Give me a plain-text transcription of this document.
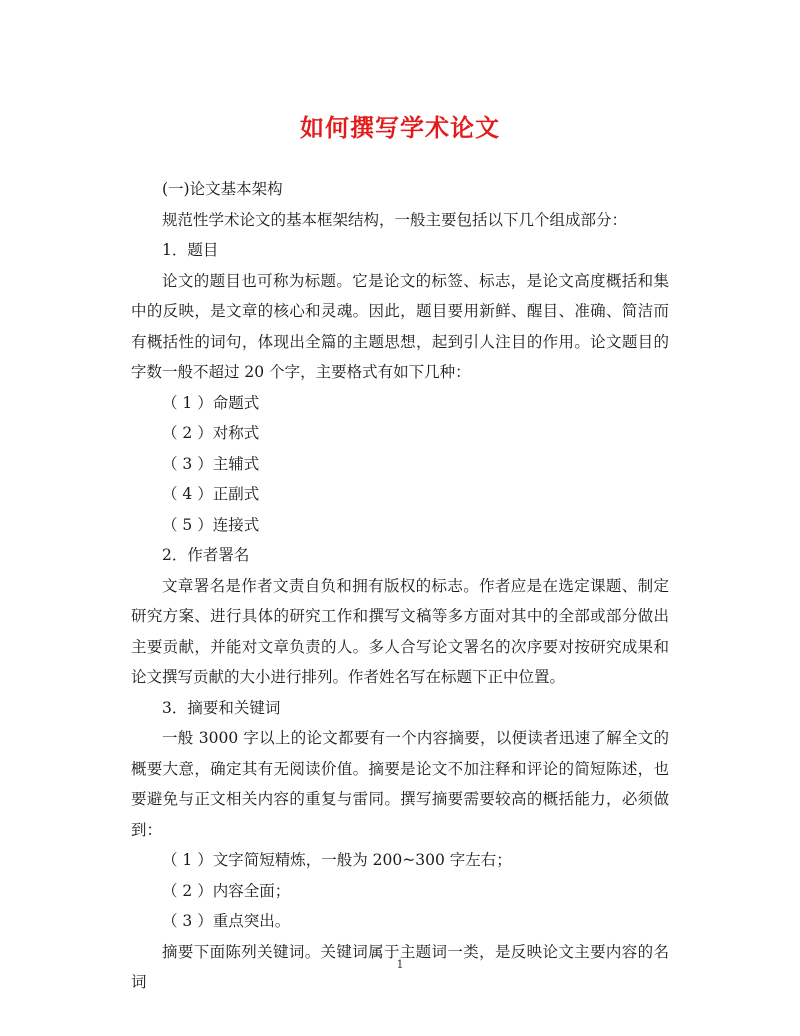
如何撰写学术论文

(一)论文基本架构

规范性学术论文的基本框架结构，一般主要包括以下几个组成部分：

1．题目

论文的题目也可称为标题。它是论文的标签、标志，是论文高度概括和集中的反映，是文章的核心和灵魂。因此，题目要用新鲜、醒目、准确、简洁而有概括性的词句，体现出全篇的主题思想，起到引人注目的作用。论文题目的字数一般不超过 20 个字，主要格式有如下几种：

（ 1 ）命题式

（ 2 ）对称式

（ 3 ）主辅式

（ 4 ）正副式

（ 5 ）连接式

2．作者署名

文章署名是作者文责自负和拥有版权的标志。作者应是在选定课题、制定研究方案、进行具体的研究工作和撰写文稿等多方面对其中的全部或部分做出主要贡献，并能对文章负责的人。多人合写论文署名的次序要对按研究成果和论文撰写贡献的大小进行排列。作者姓名写在标题下正中位置。

3．摘要和关键词

一般 3000 字以上的论文都要有一个内容摘要，以便读者迅速了解全文的概要大意，确定其有无阅读价值。摘要是论文不加注释和评论的简短陈述，也要避免与正文相关内容的重复与雷同。撰写摘要需要较高的概括能力，必须做到：

（ 1 ）文字简短精炼，一般为 200~300 字左右；

（ 2 ）内容全面；

（ 3 ）重点突出。

摘要下面陈列关键词。关键词属于主题词一类，是反映论文主要内容的名词

1
